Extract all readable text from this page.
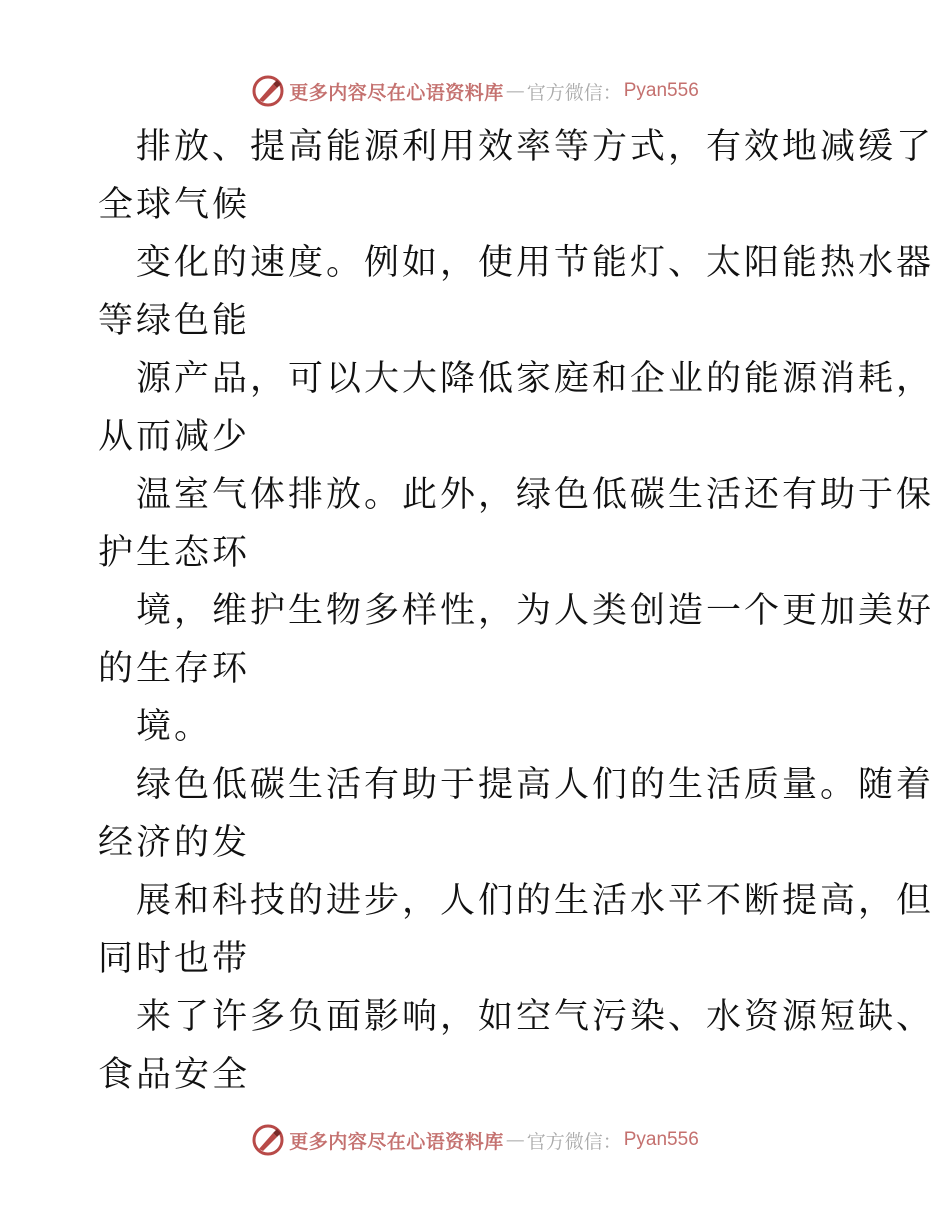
更多内容尽在心语资料库 — 官方微信： Pyan556
排放、提高能源利用效率等方式，有效地减缓了
全球气候
变化的速度。例如，使用节能灯、太阳能热水器
等绿色能
源产品，可以大大降低家庭和企业的能源消耗，
从而减少
温室气体排放。此外，绿色低碳生活还有助于保
护生态环
境，维护生物多样性，为人类创造一个更加美好
的生存环
境。
绿色低碳生活有助于提高人们的生活质量。随着
经济的发
展和科技的进步，人们的生活水平不断提高，但
同时也带
来了许多负面影响，如空气污染、水资源短缺、
食品安全
更多内容尽在心语资料库 — 官方微信： Pyan556
